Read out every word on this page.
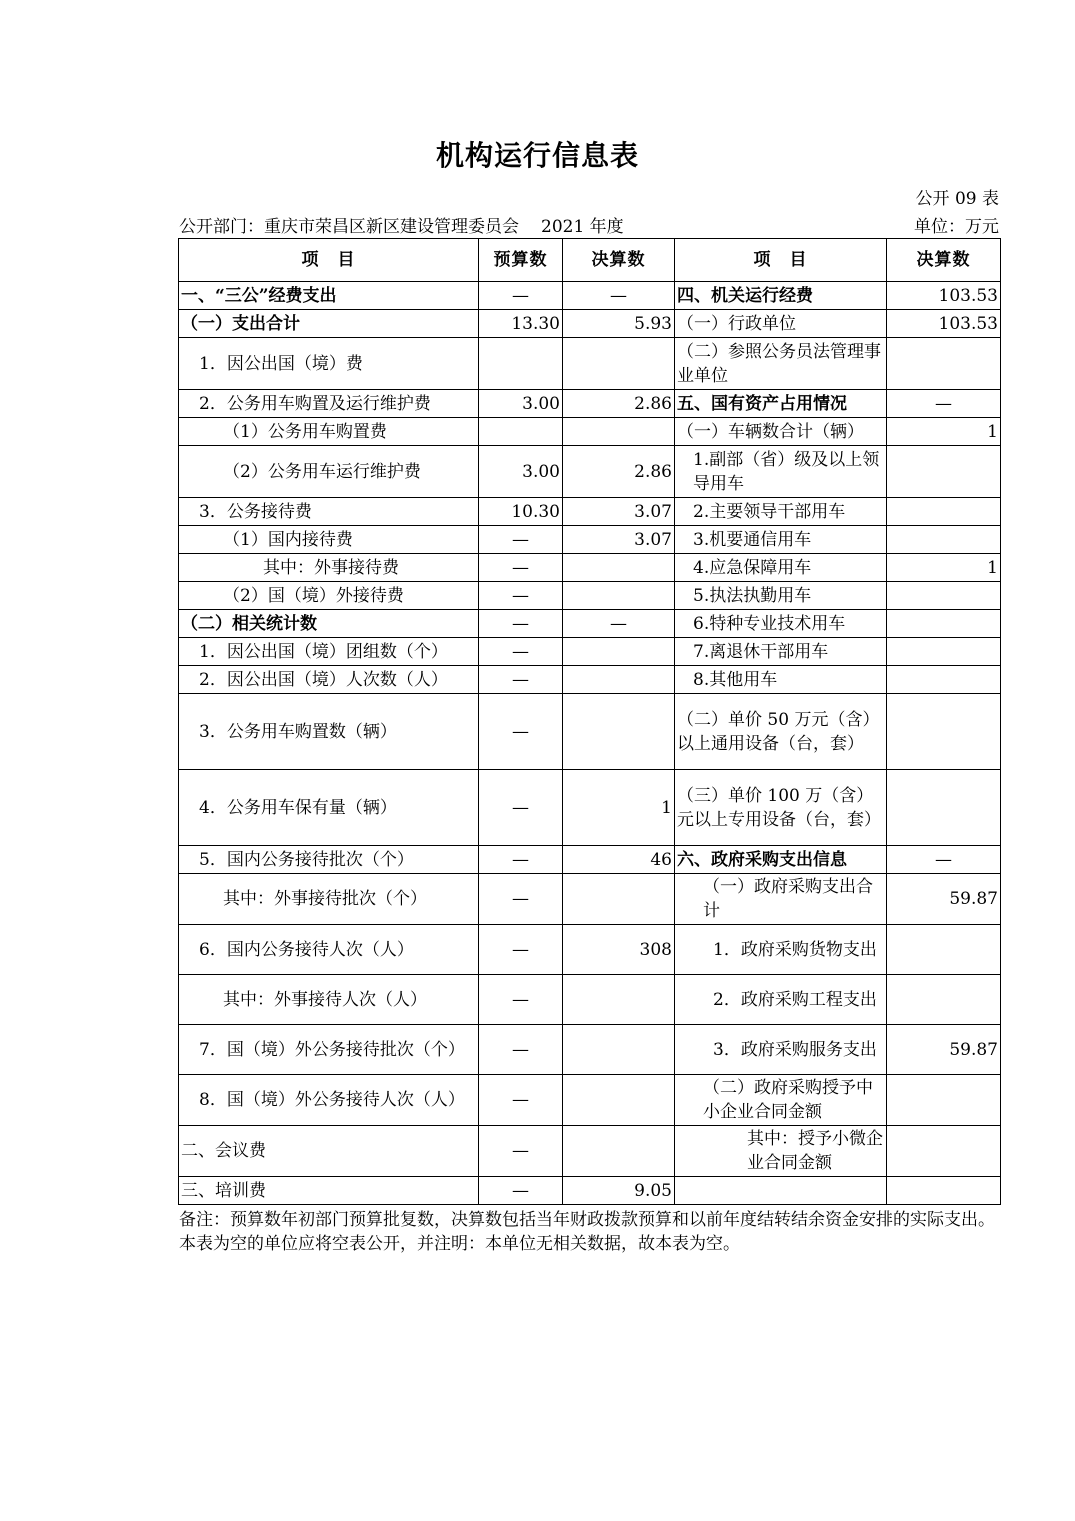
机构运行信息表
公开 09 表
公开部门：重庆市荣昌区新区建设管理委员会 2021 年度	单位：万元
项　目	预算数	决算数	项　目	决算数
一、“三公”经费支出	—	—	四、机关运行经费	103.53
（一）支出合计	13.30	5.93	（一）行政单位	103.53
1．因公出国（境）费			（二）参照公务员法管理事业单位	
2．公务用车购置及运行维护费	3.00	2.86	五、国有资产占用情况	—
（1）公务用车购置费			（一）车辆数合计（辆）	1
（2）公务用车运行维护费	3.00	2.86	1.副部（省）级及以上领导用车	
3．公务接待费	10.30	3.07	2.主要领导干部用车	
（1）国内接待费	—	3.07	3.机要通信用车	
其中：外事接待费	—		4.应急保障用车	1
（2）国（境）外接待费	—		5.执法执勤用车	
（二）相关统计数	—	—	6.特种专业技术用车	
1．因公出国（境）团组数（个）	—		7.离退休干部用车	
2．因公出国（境）人次数（人）	—		8.其他用车	
3．公务用车购置数（辆）	—		（二）单价 50 万元（含）以上通用设备（台，套）	
4．公务用车保有量（辆）	—	1	（三）单价 100 万（含）元以上专用设备（台，套）	
5．国内公务接待批次（个）	—	46	六、政府采购支出信息	—
其中：外事接待批次（个）	—		（一）政府采购支出合计	59.87
6．国内公务接待人次（人）	—	308	1．政府采购货物支出	
其中：外事接待人次（人）	—		2．政府采购工程支出	
7．国（境）外公务接待批次（个）	—		3．政府采购服务支出	59.87
8．国（境）外公务接待人次（人）	—		（二）政府采购授予中小企业合同金额	
二、会议费	—		其中：授予小微企业合同金额	
三、培训费	—	9.05		

备注：预算数年初部门预算批复数，决算数包括当年财政拨款预算和以前年度结转结余资金安排的实际支出。

本表为空的单位应将空表公开，并注明：本单位无相关数据，故本表为空。
